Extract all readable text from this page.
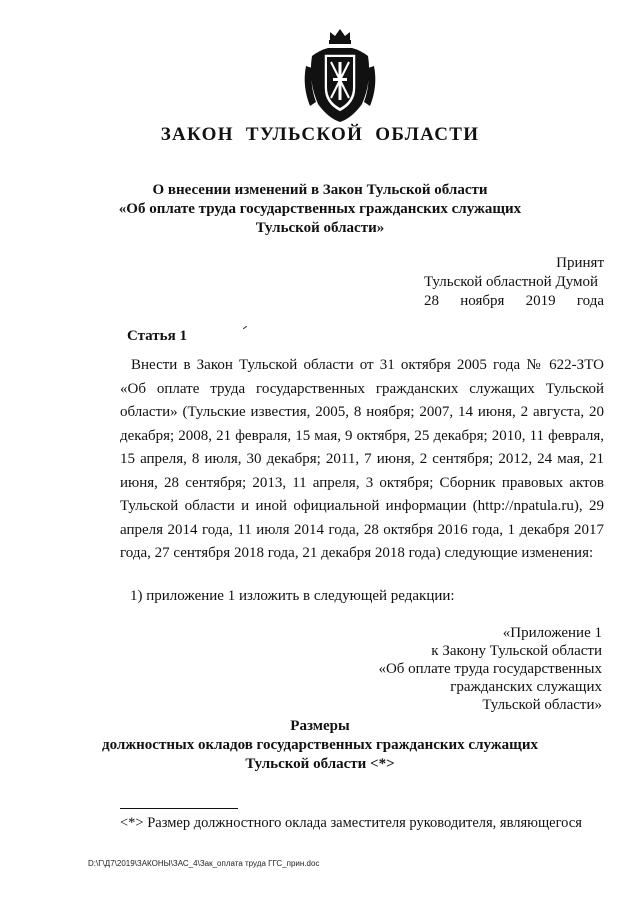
ЗАКОН ТУЛЬСКОЙ ОБЛАСТИ
О внесении изменений в Закон Тульской области
«Об оплате труда государственных гражданских служащих
Тульской области»
Принят
Тульской областной Думой
28 ноября 2019 года
Статья 1
Внести в Закон Тульской области от 31 октября 2005 года № 622-ЗТО «Об оплате труда государственных гражданских служащих Тульской области» (Тульские известия, 2005, 8 ноября; 2007, 14 июня, 2 августа, 20 декабря; 2008, 21 февраля, 15 мая, 9 октября, 25 декабря; 2010, 11 февраля, 15 апреля, 8 июля, 30 декабря; 2011, 7 июня, 2 сентября; 2012, 24 мая, 21 июня, 28 сентября; 2013, 11 апреля, 3 октября; Сборник правовых актов Тульской области и иной официальной информации (http://npatula.ru), 29 апреля 2014 года, 11 июля 2014 года, 28 октября 2016 года, 1 декабря 2017 года, 27 сентября 2018 года, 21 декабря 2018 года) следующие изменения:
1) приложение 1 изложить в следующей редакции:
«Приложение 1
к Закону Тульской области
«Об оплате труда государственных
гражданских служащих
Тульской области»
Размеры
должностных окладов государственных гражданских служащих
Тульской области <*>
<*> Размер должностного оклада заместителя руководителя, являющегося
D:\Г\Д7\2019\ЗАКОНЫ\ЗАС_4\Зак_оплата труда ГГС_прин.doc
